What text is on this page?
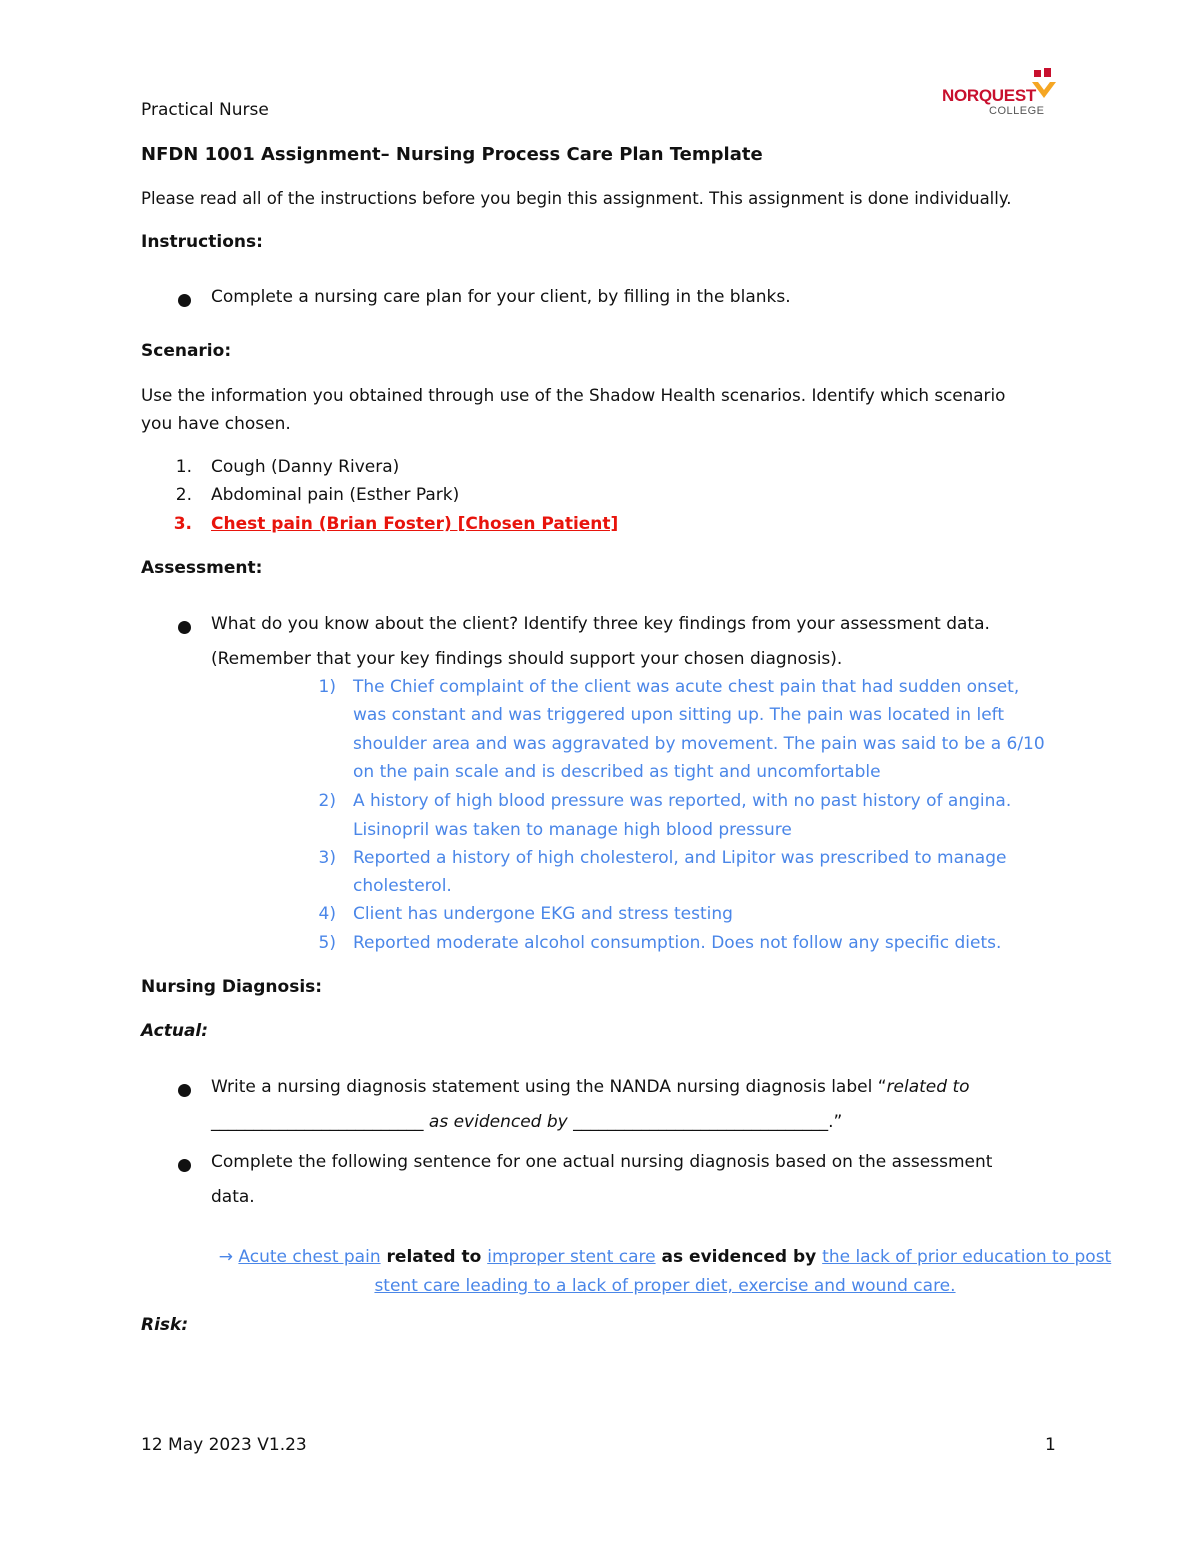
Practical Nurse
NORQUEST
COLLEGE
NFDN 1001 Assignment– Nursing Process Care Plan Template
Please read all of the instructions before you begin this assignment. This assignment is done individually.
Instructions:
Complete a nursing care plan for your client, by filling in the blanks.
Scenario:
Use the information you obtained through use of the Shadow Health scenarios. Identify which scenario
you have chosen.
1. Cough (Danny Rivera)
2. Abdominal pain (Esther Park)
3. Chest pain (Brian Foster) [Chosen Patient]
Assessment:
What do you know about the client? Identify three key findings from your assessment data.
(Remember that your key findings should support your chosen diagnosis).
1) The Chief complaint of the client was acute chest pain that had sudden onset,
was constant and was triggered upon sitting up. The pain was located in left
shoulder area and was aggravated by movement. The pain was said to be a 6/10
on the pain scale and is described as tight and uncomfortable
2) A history of high blood pressure was reported, with no past history of angina.
Lisinopril was taken to manage high blood pressure
3) Reported a history of high cholesterol, and Lipitor was prescribed to manage
cholesterol.
4) Client has undergone EKG and stress testing
5) Reported moderate alcohol consumption. Does not follow any specific diets.
Nursing Diagnosis:
Actual:
Write a nursing diagnosis statement using the NANDA nursing diagnosis label “related to
_________________________ as evidenced by ______________________________.”
Complete the following sentence for one actual nursing diagnosis based on the assessment
data.
→ Acute chest pain related to improper stent care as evidenced by the lack of prior education to post
stent care leading to a lack of proper diet, exercise and wound care.
Risk:
12 May 2023 V1.23	1
